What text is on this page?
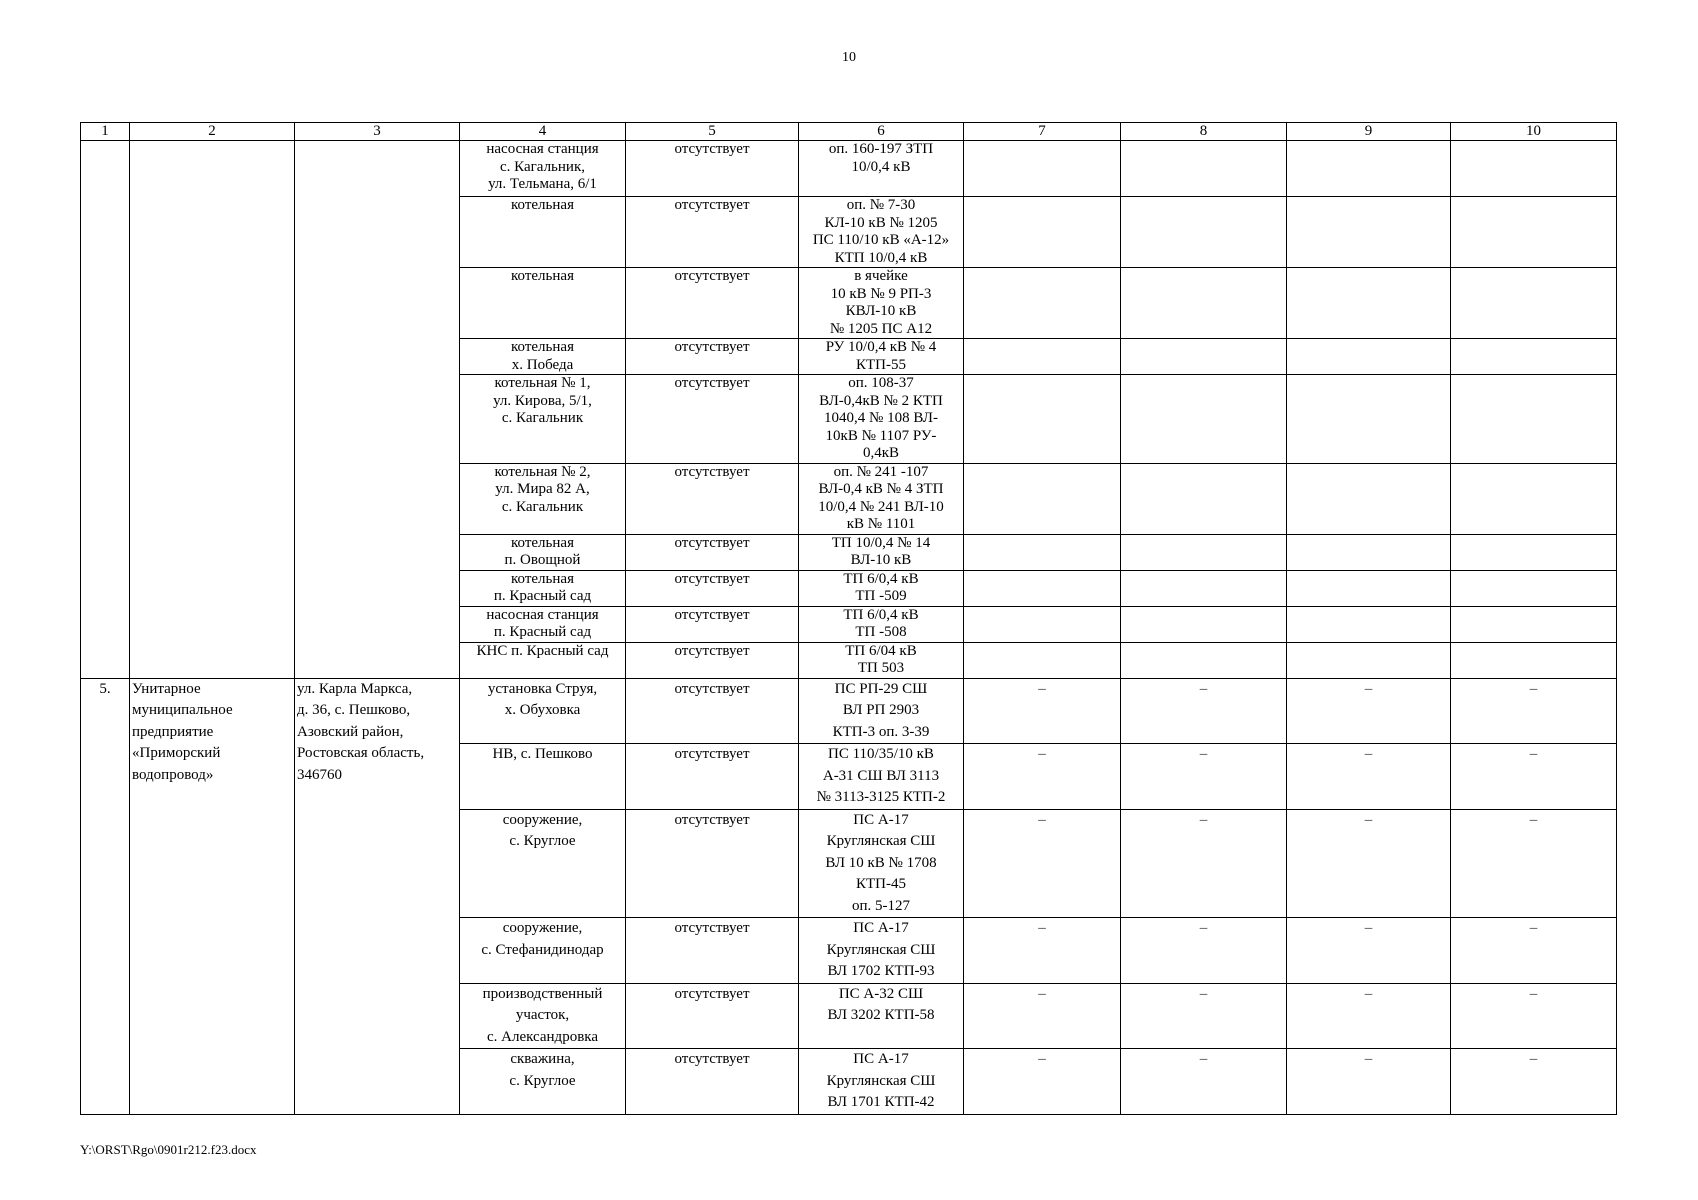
10
1	2	3	4	5	6	7	8	9	10
			насосная станция
с. Кагальник,
ул. Тельмана, 6/1	отсутствует	оп. 160-197 ЗТП
10/0,4 кВ				
			котельная	отсутствует	оп. № 7-30
КЛ-10 кВ № 1205
ПС 110/10 кВ «А-12»
КТП 10/0,4 кВ				
			котельная	отсутствует	в ячейке
10 кВ № 9 РП-3
КВЛ-10 кВ
№ 1205 ПС А12				
			котельная
х. Победа	отсутствует	РУ 10/0,4 кВ № 4
КТП-55				
			котельная № 1,
ул. Кирова, 5/1,
с. Кагальник	отсутствует	оп. 108-37
ВЛ-0,4кВ № 2 КТП
1040,4 № 108 ВЛ-
10кВ № 1107 РУ-
0,4кВ				
			котельная № 2,
ул. Мира 82 А,
с. Кагальник	отсутствует	оп. № 241 -107
ВЛ-0,4 кВ № 4 ЗТП
10/0,4 № 241 ВЛ-10
кВ № 1101				
			котельная
п. Овощной	отсутствует	ТП 10/0,4 № 14
ВЛ-10 кВ				
			котельная
п. Красный сад	отсутствует	ТП 6/0,4 кВ
ТП -509				
			насосная станция
п. Красный сад	отсутствует	ТП 6/0,4 кВ
ТП -508				
			КНС п. Красный сад	отсутствует	ТП 6/04 кВ
ТП 503				
5.	Унитарное
муниципальное
предприятие
«Приморский
водопровод»	ул. Карла Маркса,
д. 36, с. Пешково,
Азовский район,
Ростовская область,
346760	установка Струя,
х. Обуховка	отсутствует	ПС РП-29 СШ
ВЛ РП 2903
КТП-3 оп. 3-39	–	–	–	–
			НВ, с. Пешково	отсутствует	ПС 110/35/10 кВ
А-31 СШ ВЛ 3113
№ 3113-3125 КТП-2	–	–	–	–
			сооружение,
с. Круглое	отсутствует	ПС А-17
Круглянская СШ
ВЛ 10 кВ № 1708
КТП-45
оп. 5-127	–	–	–	–
			сооружение,
с. Стефанидинодар	отсутствует	ПС А-17
Круглянская СШ
ВЛ 1702 КТП-93	–	–	–	–
			производственный
участок,
с. Александровка	отсутствует	ПС А-32 СШ
ВЛ 3202 КТП-58	–	–	–	–
			скважина,
с. Круглое	отсутствует	ПС А-17
Круглянская СШ
ВЛ 1701 КТП-42	–	–	–	–
Y:\ORST\Rgo\0901r212.f23.docx
